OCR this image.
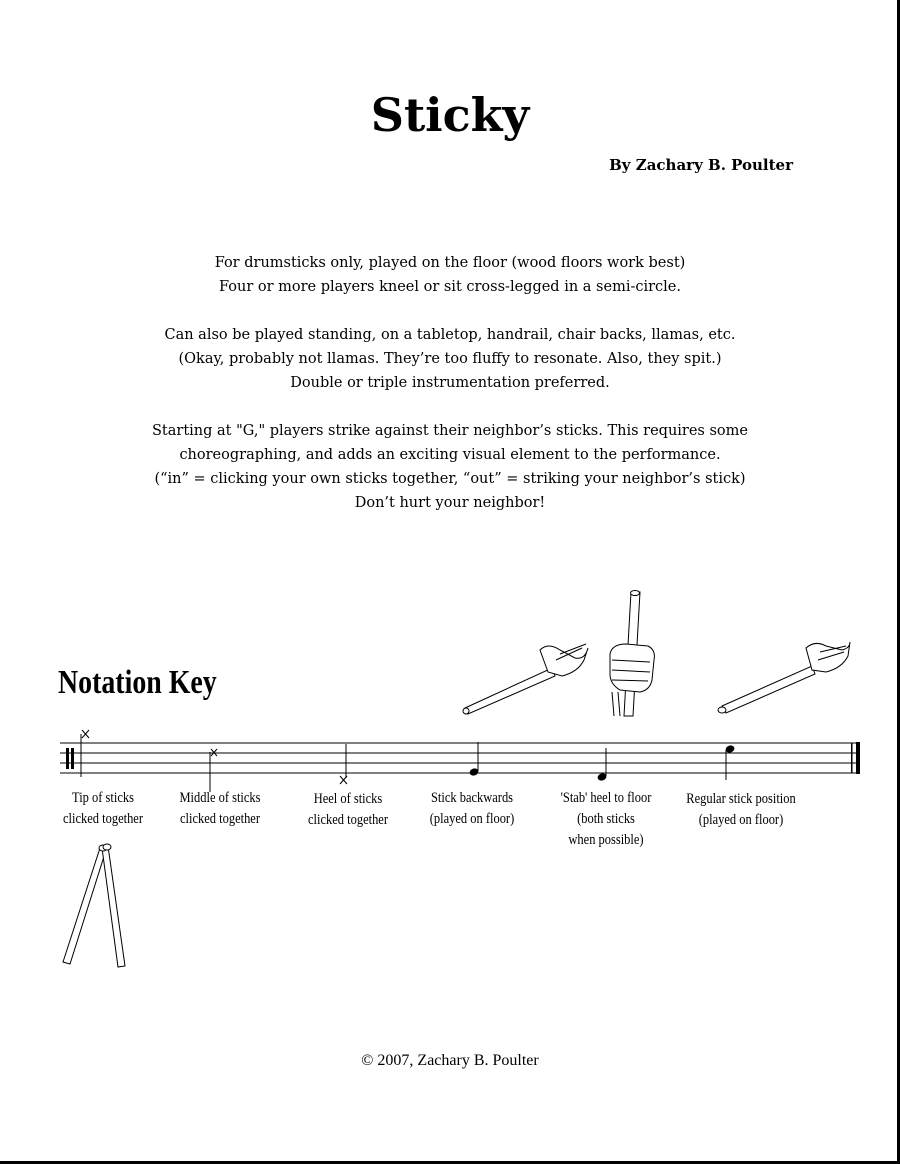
Sticky
By Zachary B. Poulter

For drumsticks only, played on the floor (wood floors work best)
Four or more players kneel or sit cross-legged in a semi-circle.

Can also be played standing, on a tabletop, handrail, chair backs, llamas, etc.
(Okay, probably not llamas. They’re too fluffy to resonate. Also, they spit.)
Double or triple instrumentation preferred.

Starting at "G," players strike against their neighbor’s sticks. This requires some
choreographing, and adds an exciting visual element to the performance.
(“in” = clicking your own sticks together, “out” = striking your neighbor’s stick)
Don’t hurt your neighbor!

Notation Key
Tip of sticks
clicked together
Middle of sticks
clicked together
Heel of sticks
clicked together
Stick backwards
(played on floor)
'Stab' heel to floor
(both sticks
when possible)
Regular stick position
(played on floor)
© 2007, Zachary B. Poulter
